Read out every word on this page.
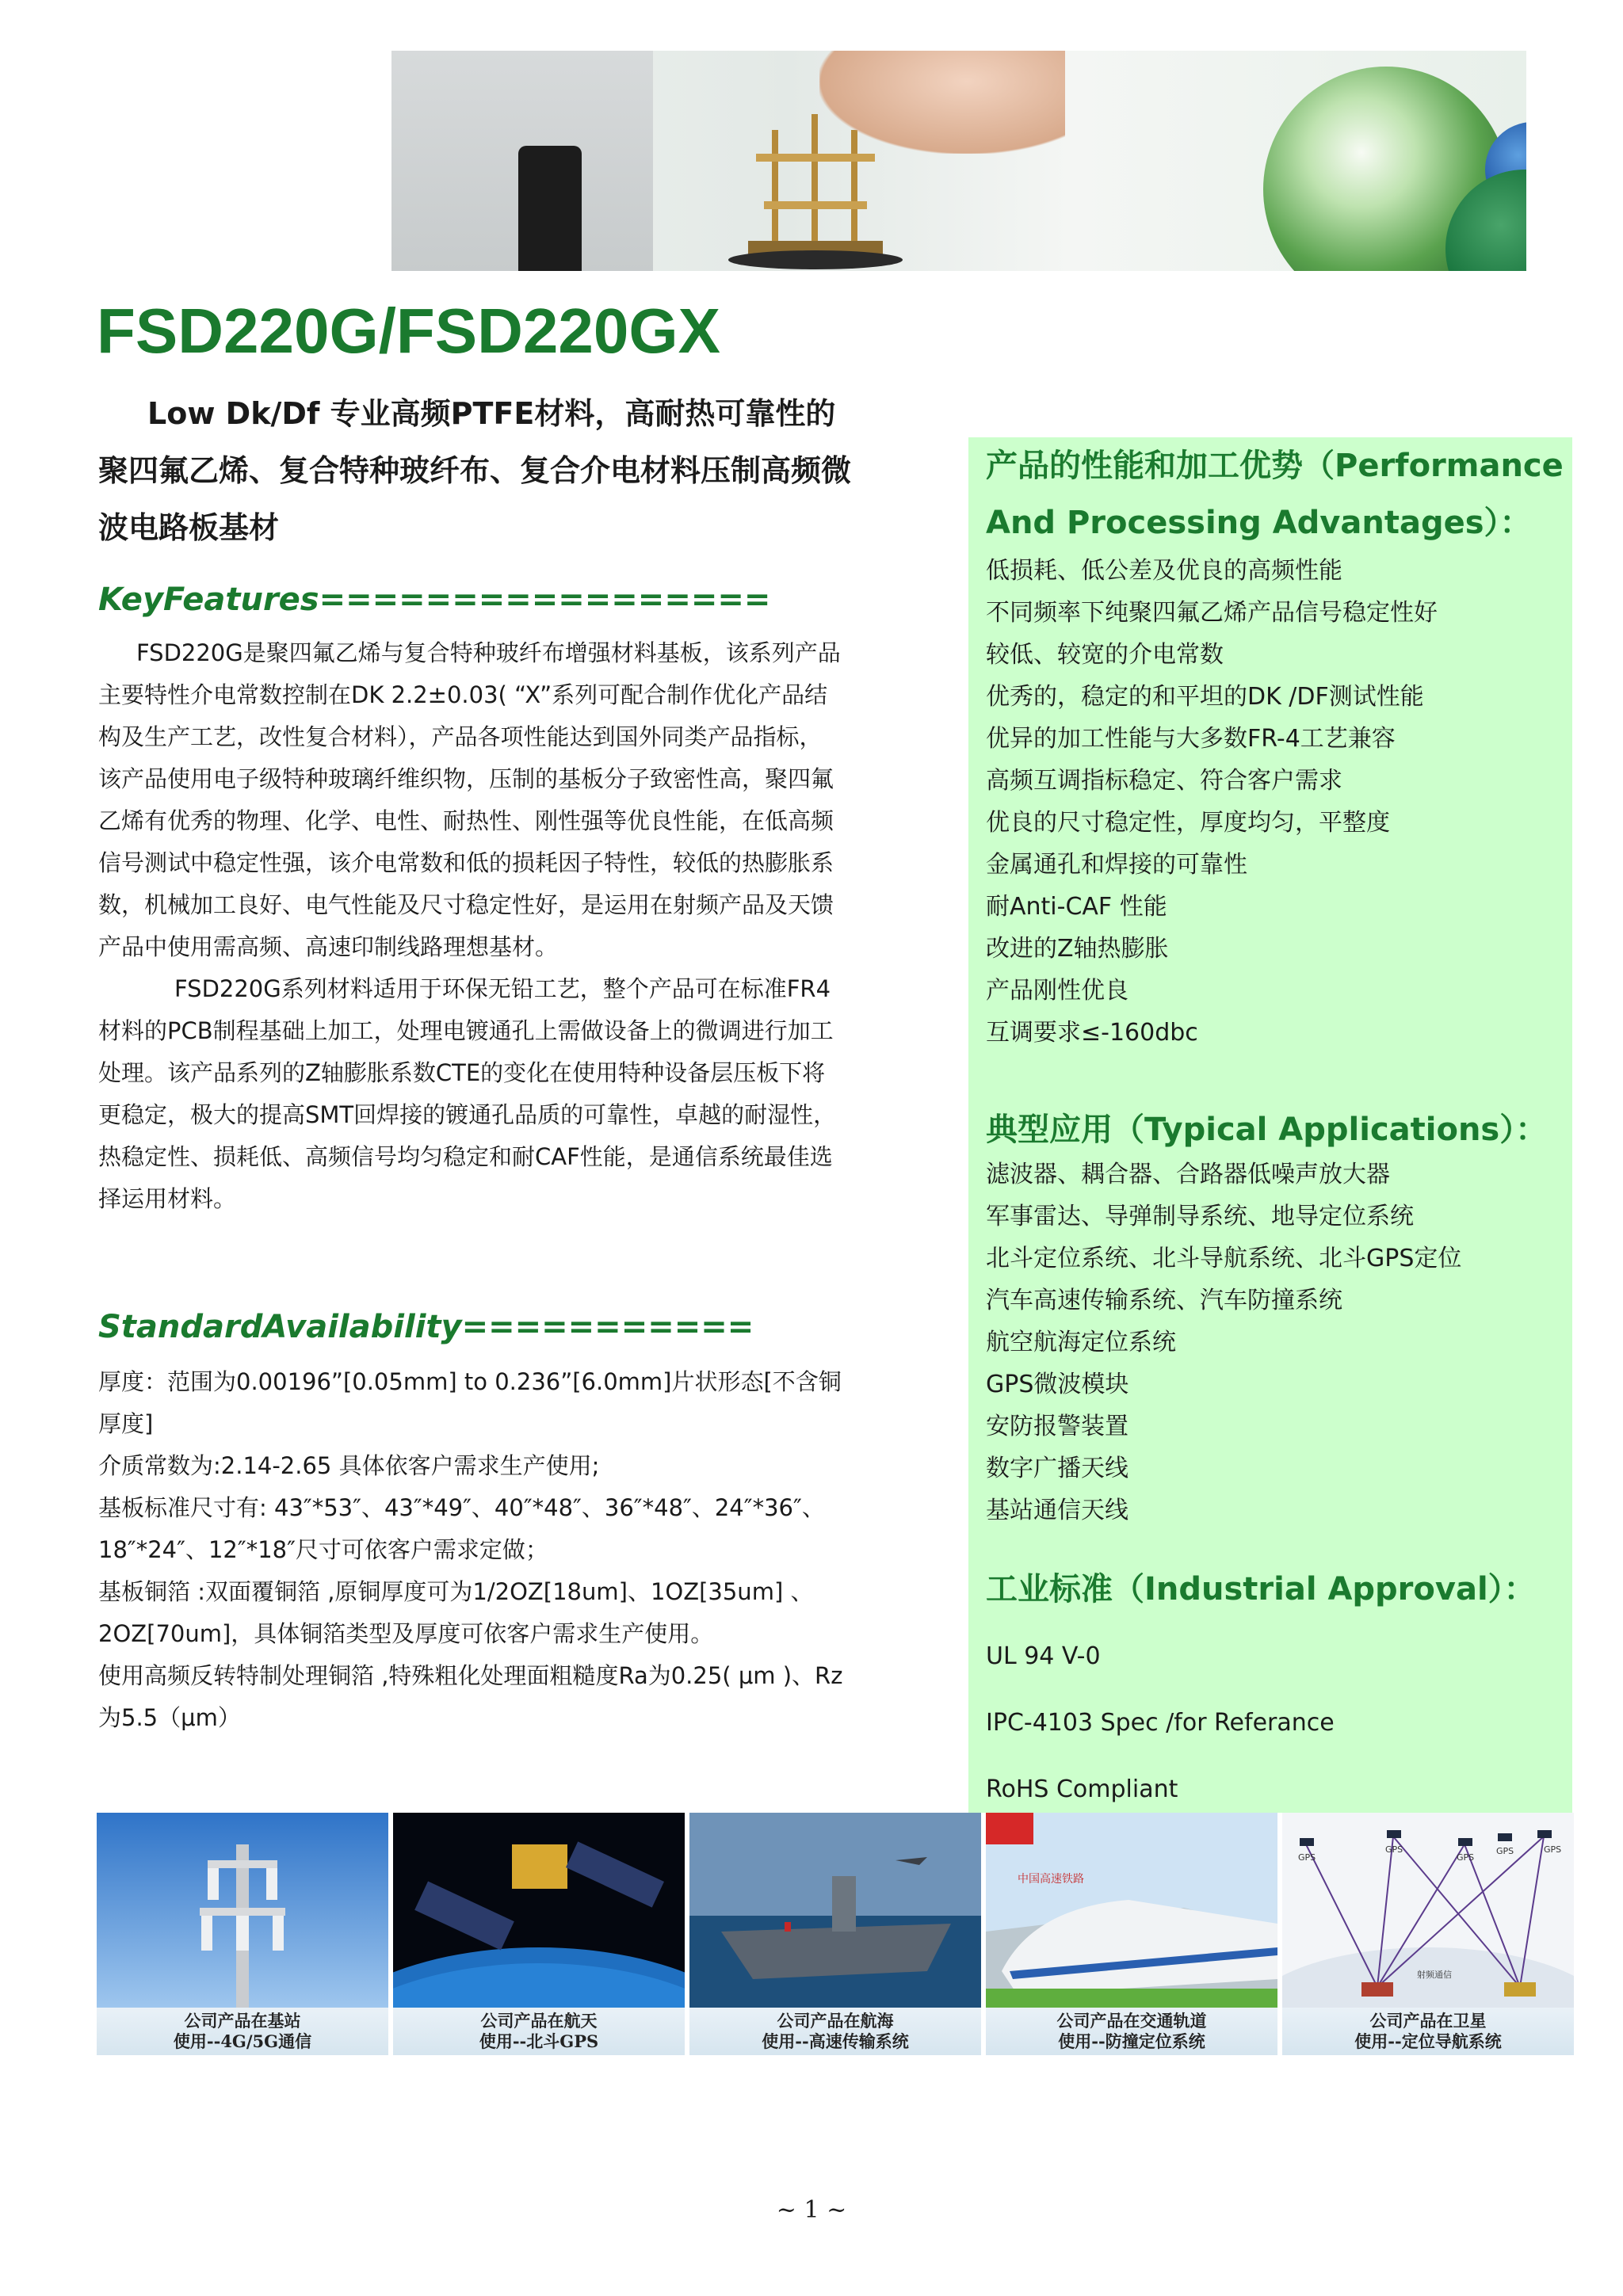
FSD220G/FSD220GX

Low Dk/Df 专业高频PTFE材料，高耐热可靠性的聚四氟乙烯、复合特种玻纤布、复合介电材料压制高频微波电路板基材

KeyFeatures=================

FSD220G是聚四氟乙烯与复合特种玻纤布增强材料基板，该系列产品主要特性介电常数控制在DK 2.2±0.03( “X”系列可配合制作优化产品结构及生产工艺，改性复合材料），产品各项性能达到国外同类产品指标，该产品使用电子级特种玻璃纤维织物，压制的基板分子致密性高，聚四氟乙烯有优秀的物理、化学、电性、耐热性、刚性强等优良性能，在低高频信号测试中稳定性强，该介电常数和低的损耗因子特性，较低的热膨胀系数，机械加工良好、电气性能及尺寸稳定性好，是运用在射频产品及天馈产品中使用需高频、高速印制线路理想基材。

FSD220G系列材料适用于环保无铅工艺，整个产品可在标准FR4材料的PCB制程基础上加工，处理电镀通孔上需做设备上的微调进行加工处理。该产品系列的Z轴膨胀系数CTE的变化在使用特种设备层压板下将更稳定，极大的提高SMT回焊接的镀通孔品质的可靠性，卓越的耐湿性，热稳定性、损耗低、高频信号均匀稳定和耐CAF性能，是通信系统最佳选择运用材料。

StandardAvailability===========
厚度：范围为0.00196”[0.05mm] to 0.236”[6.0mm]片状形态[不含铜厚度]
介质常数为:2.14-2.65 具体依客户需求生产使用;
基板标准尺寸有: 43″*53″、43″*49″、40″*48″、36″*48″、24″*36″、18″*24″、12″*18″尺寸可依客户需求定做；
基板铜箔 :双面覆铜箔 ,原铜厚度可为1/2OZ[18um]、1OZ[35um] 、2OZ[70um]，具体铜箔类型及厚度可依客户需求生产使用。
使用高频反转特制处理铜箔 ,特殊粗化处理面粗糙度Ra为0.25( μm )、Rz为5.5（μm）
产品的性能和加工优势（Performance And Processing Advantages）：
低损耗、低公差及优良的高频性能
不同频率下纯聚四氟乙烯产品信号稳定性好
较低、较宽的介电常数
优秀的，稳定的和平坦的DK /DF测试性能
优异的加工性能与大多数FR-4工艺兼容
高频互调指标稳定、符合客户需求
优良的尺寸稳定性，厚度均匀，平整度
金属通孔和焊接的可靠性
耐Anti-CAF 性能
改进的Z轴热膨胀
产品刚性优良
互调要求≤-160dbc
典型应用（Typical Applications）：
滤波器、耦合器、合路器低噪声放大器
军事雷达、导弹制导系统、地导定位系统
北斗定位系统、北斗导航系统、北斗GPS定位
汽车高速传输系统、汽车防撞系统
航空航海定位系统
GPS微波模块
安防报警装置
数字广播天线
基站通信天线
工业标准（Industrial Approval）：
UL 94 V-0
IPC-4103 Spec /for Referance
RoHS Compliant
公司产品在基站
使用--4G/5G通信
公司产品在航天
使用--北斗GPS
公司产品在航海
使用--高速传输系统
中国高速铁路
公司产品在交通轨道
使用--防撞定位系统
GPS
GPS
GPS
GPS	GPS
射频通信
公司产品在卫星
使用--定位导航系统
~ 1 ~
